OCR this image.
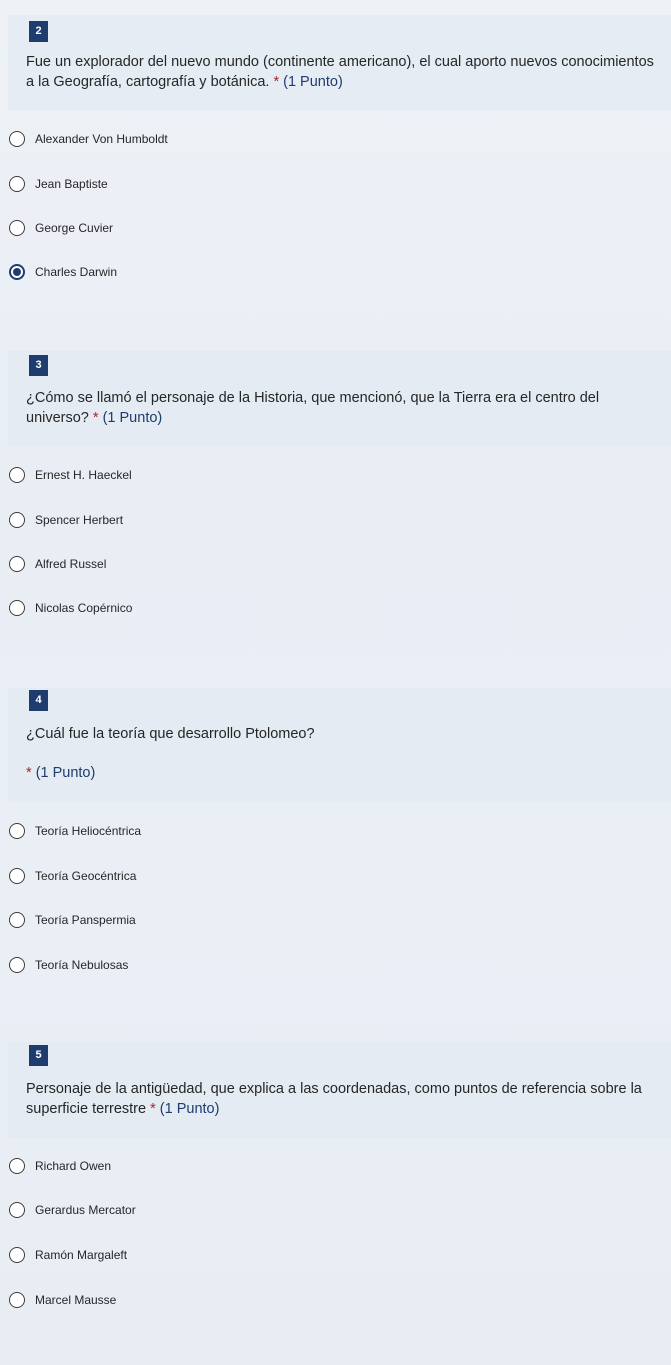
2
Fue un explorador del nuevo mundo (continente americano), el cual aporto nuevos conocimientos a la Geografía, cartografía y botánica. * (1 Punto)
Alexander Von Humboldt
Jean Baptiste
George Cuvier
Charles Darwin
3
¿Cómo se llamó el personaje de la Historia, que mencionó, que la Tierra era el centro del universo? * (1 Punto)
Ernest H. Haeckel
Spencer Herbert
Alfred Russel
Nicolas Copérnico
4
¿Cuál fue la teoría que desarrollo Ptolomeo?
* (1 Punto)
Teoría Heliocéntrica
Teoría Geocéntrica
Teoría Panspermia
Teoría Nebulosas
5
Personaje de la antigüedad, que explica a las coordenadas, como puntos de referencia sobre la superficie terrestre * (1 Punto)
Richard Owen
Gerardus Mercator
Ramón Margaleft
Marcel Mausse
